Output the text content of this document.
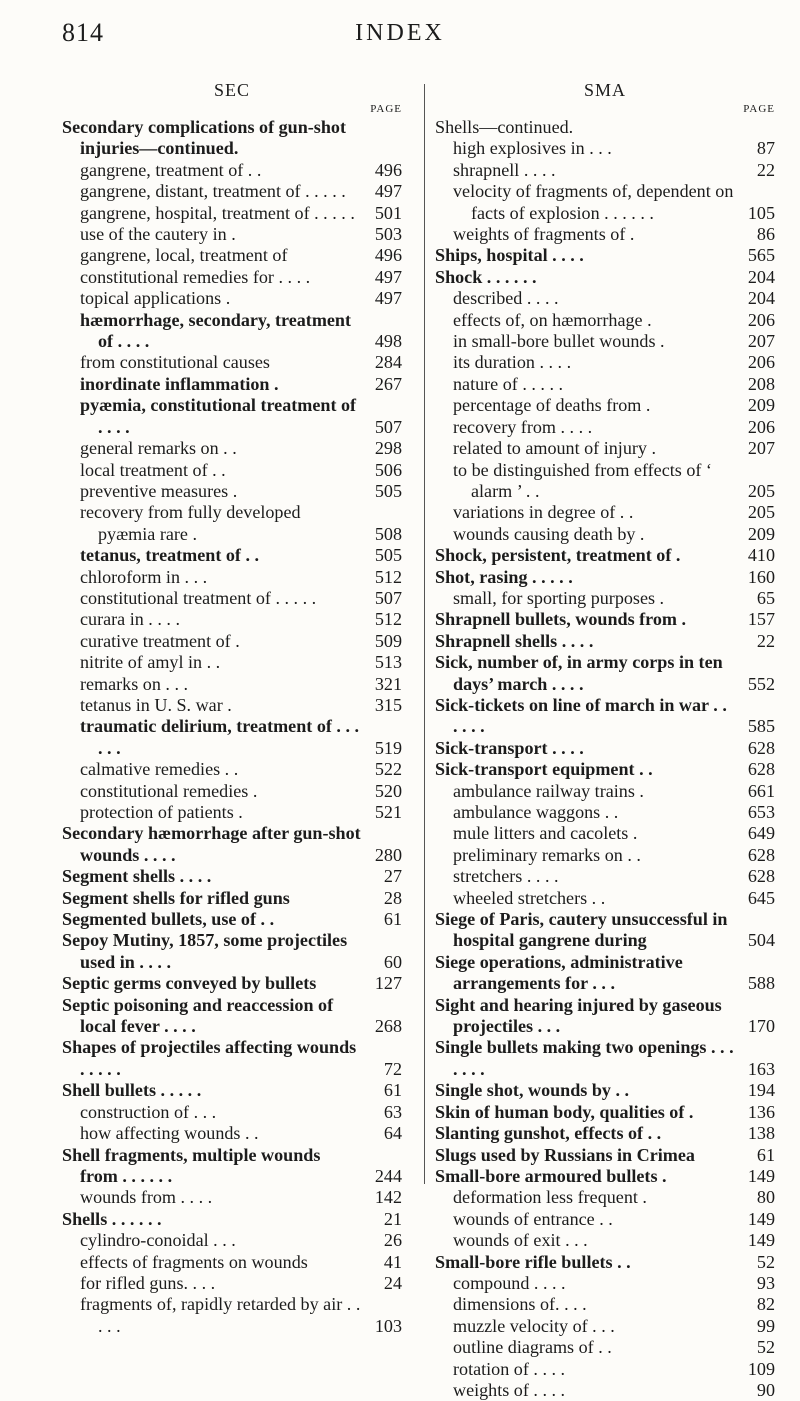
814	INDEX
SEC
PAGE
Secondary complications of gun-shot injuries—continued.
gangrene, treatment of . .	496
gangrene, distant, treatment of . . . . .	497
gangrene, hospital, treatment of . . . . .	501
use of the cautery in .	503
gangrene, local, treatment of	496
constitutional remedies for . . . .	497
topical applications .	497
hæmorrhage, secondary, treatment of . . . .	498
from constitutional causes	284
inordinate inflammation .	267
pyæmia, constitutional treatment of . . . .	507
general remarks on . .	298
local treatment of . .	506
preventive measures .	505
recovery from fully developed pyæmia rare .	508
tetanus, treatment of . .	505
chloroform in . . .	512
constitutional treatment of . . . . .	507
curara in . . . .	512
curative treatment of .	509
nitrite of amyl in . .	513
remarks on . . .	321
tetanus in U. S. war .	315
traumatic delirium, treatment of . . . . . .	519
calmative remedies . .	522
constitutional remedies .	520
protection of patients .	521
Secondary hæmorrhage after gun-shot wounds . . . .	280
Segment shells . . . .	27
Segment shells for rifled guns	28
Segmented bullets, use of . .	61
Sepoy Mutiny, 1857, some projectiles used in . . . .	60
Septic germs conveyed by bullets	127
Septic poisoning and reaccession of local fever . . . .	268
Shapes of projectiles affecting wounds . . . . .	72
Shell bullets . . . . .	61
construction of . . .	63
how affecting wounds . .	64
Shell fragments, multiple wounds from . . . . . .	244
wounds from . . . .	142
Shells . . . . . .	21
cylindro-conoidal . . .	26
effects of fragments on wounds	41
for rifled guns. . . .	24
fragments of, rapidly retarded by air . . . . .	103
SMA
PAGE
Shells—continued.
high explosives in . . .	87
shrapnell . . . .	22
velocity of fragments of, dependent on facts of explosion . . . . . .	105
weights of fragments of .	86
Ships, hospital . . . .	565
Shock . . . . . .	204
described . . . .	204
effects of, on hæmorrhage .	206
in small-bore bullet wounds .	207
its duration . . . .	206
nature of . . . . .	208
percentage of deaths from .	209
recovery from . . . .	206
related to amount of injury .	207
to be distinguished from effects of ‘ alarm ’ . .	205
variations in degree of . .	205
wounds causing death by .	209
Shock, persistent, treatment of .	410
Shot, rasing . . . . .	160
small, for sporting purposes .	65
Shrapnell bullets, wounds from .	157
Shrapnell shells . . . .	22
Sick, number of, in army corps in ten days’ march . . . .	552
Sick-tickets on line of march in war . . . . . .	585
Sick-transport . . . .	628
Sick-transport equipment . .	628
ambulance railway trains .	661
ambulance waggons . .	653
mule litters and cacolets .	649
preliminary remarks on . .	628
stretchers . . . .	628
wheeled stretchers . .	645
Siege of Paris, cautery unsuccessful in hospital gangrene during	504
Siege operations, administrative arrangements for . . .	588
Sight and hearing injured by gaseous projectiles . . .	170
Single bullets making two openings . . . . . . .	163
Single shot, wounds by . .	194
Skin of human body, qualities of .	136
Slanting gunshot, effects of . .	138
Slugs used by Russians in Crimea	61
Small-bore armoured bullets .	149
deformation less frequent .	80
wounds of entrance . .	149
wounds of exit . . .	149
Small-bore rifle bullets . .	52
compound . . . .	93
dimensions of. . . .	82
muzzle velocity of . . .	99
outline diagrams of . .	52
rotation of . . . .	109
weights of . . . .	90
